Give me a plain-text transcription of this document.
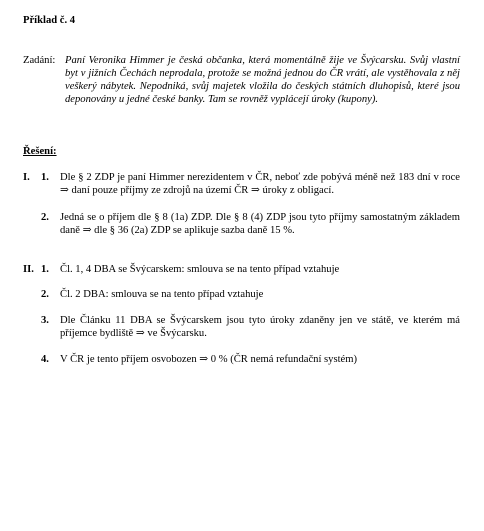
Příklad č. 4
Zadání: Paní Veronika Himmer je česká občanka, která momentálně žije ve Švýcarsku. Svůj vlastní byt v jižních Čechách neprodala, protože se možná jednou do ČR vrátí, ale vystěhovala z něj veškerý nábytek. Nepodniká, svůj majetek vložila do českých státních dluhopisů, které jsou deponovány u jedné české banky. Tam se rovněž vyplácejí úroky (kupony).
Řešení:
I. 1. Dle § 2 ZDP je paní Himmer nerezidentem v ČR, neboť zde pobývá méně než 183 dní v roce ⇒ daní pouze příjmy ze zdrojů na území ČR ⇒ úroky z obligací.
2. Jedná se o příjem dle § 8 (1a) ZDP. Dle § 8 (4) ZDP jsou tyto příjmy samostatným základem daně ⇒ dle § 36 (2a) ZDP se aplikuje sazba daně 15 %.
II. 1. Čl. 1, 4 DBA se Švýcarskem: smlouva se na tento případ vztahuje
2. Čl. 2 DBA: smlouva se na tento případ vztahuje
3. Dle Článku 11 DBA se Švýcarskem jsou tyto úroky zdaněny jen ve státě, ve kterém má příjemce bydliště ⇒ ve Švýcarsku.
4. V ČR je tento příjem osvobozen ⇒ 0 % (ČR nemá refundační systém)
